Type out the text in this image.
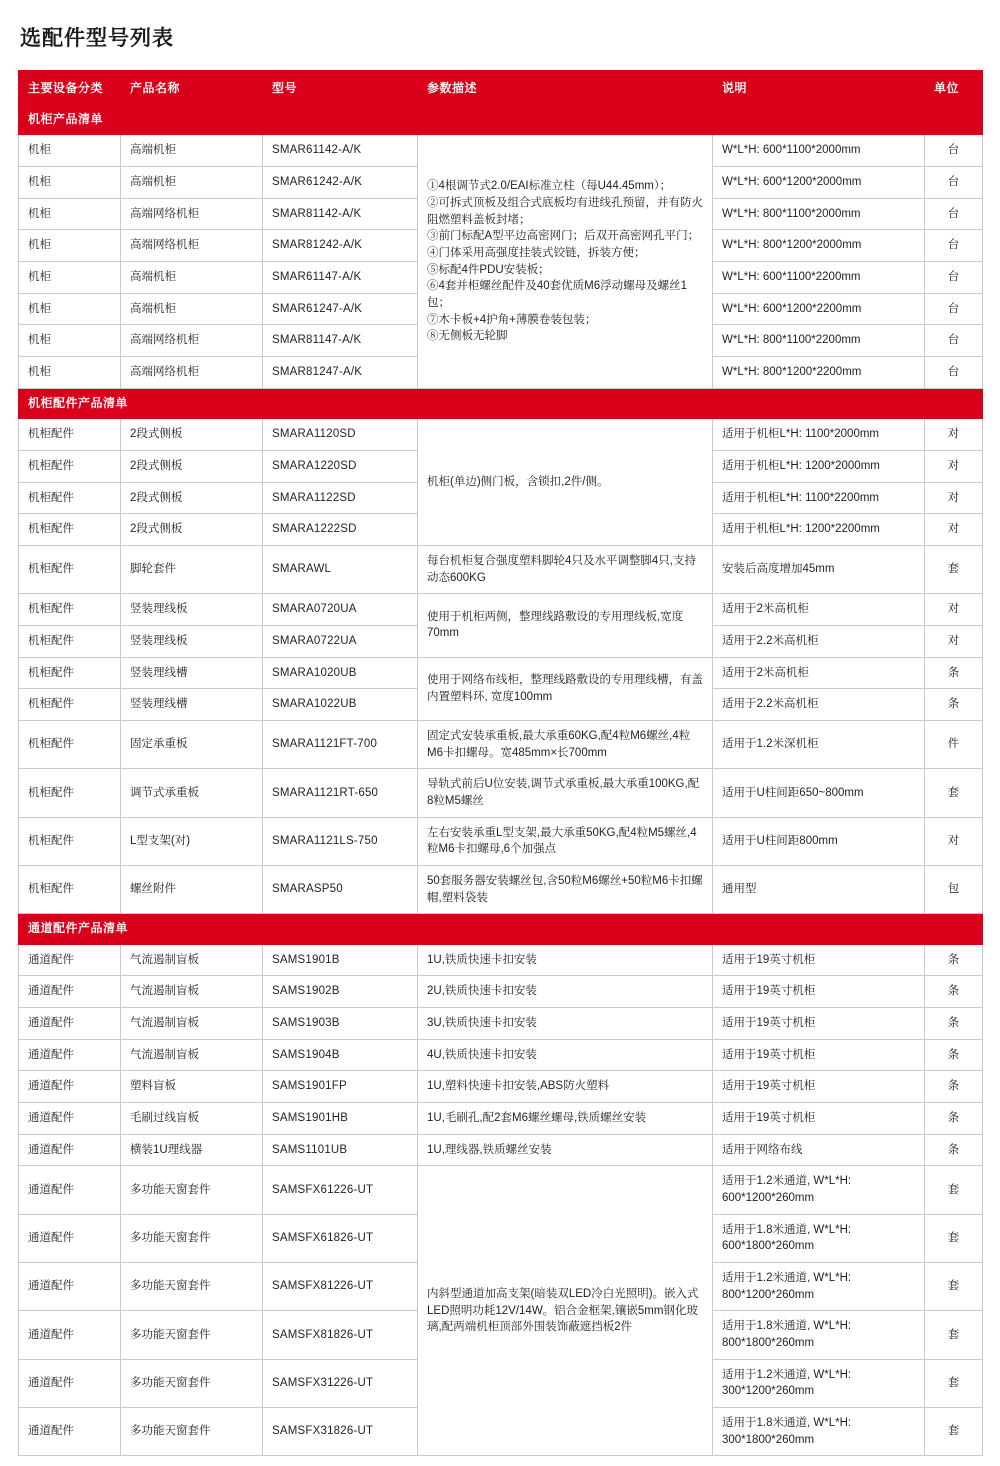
选配件型号列表
主要设备分类	产品名称	型号	参数描述	说明	单位
机柜产品清单					
机柜	高端机柜	SMAR61142-A/K	①4根调节式2.0/EAI标准立柱（每U44.45mm）；
②可拆式顶板及组合式底板均有进线孔预留，并有防火阻燃塑料盖板封堵；
③前门标配A型平边高密网门；后双开高密网孔平门；
④门体采用高强度挂装式铰链，拆装方便；
⑤标配4件PDU安装板；
⑥4套并柜螺丝配件及40套优质M6浮动螺母及螺丝1包；
⑦木卡板+4护角+薄膜卷装包装；
⑧无侧板无轮脚	W*L*H: 600*1100*2000mm	台
机柜	高端机柜	SMAR61242-A/K		W*L*H: 600*1200*2000mm	台
机柜	高端网络机柜	SMAR81142-A/K		W*L*H: 800*1100*2000mm	台
机柜	高端网络机柜	SMAR81242-A/K		W*L*H: 800*1200*2000mm	台
机柜	高端机柜	SMAR61147-A/K		W*L*H: 600*1100*2200mm	台
机柜	高端机柜	SMAR61247-A/K		W*L*H: 600*1200*2200mm	台
机柜	高端网络机柜	SMAR81147-A/K		W*L*H: 800*1100*2200mm	台
机柜	高端网络机柜	SMAR81247-A/K		W*L*H: 800*1200*2200mm	台
机柜配件产品清单					
机柜配件	2段式侧板	SMARA1120SD	机柜(单边)侧门板，含锁扣,2件/侧。	适用于机柜L*H: 1100*2000mm	对
机柜配件	2段式侧板	SMARA1220SD		适用于机柜L*H: 1200*2000mm	对
机柜配件	2段式侧板	SMARA1122SD		适用于机柜L*H: 1100*2200mm	对
机柜配件	2段式侧板	SMARA1222SD		适用于机柜L*H: 1200*2200mm	对
机柜配件	脚轮套件	SMARAWL	每台机柜复合强度塑料脚轮4只及水平调整脚4只,支持动态600KG	安装后高度增加45mm	套
机柜配件	竖装理线板	SMARA0720UA	使用于机柜两侧，整理线路敷设的专用理线板,宽度70mm	适用于2米高机柜	对
机柜配件	竖装理线板	SMARA0722UA		适用于2.2米高机柜	对
机柜配件	竖装理线槽	SMARA1020UB	使用于网络布线柜，整理线路敷设的专用理线槽，有盖内置塑料环, 宽度100mm	适用于2米高机柜	条
机柜配件	竖装理线槽	SMARA1022UB		适用于2.2米高机柜	条
机柜配件	固定承重板	SMARA1121FT-700	固定式安装承重板,最大承重60KG,配4粒M6螺丝,4粒M6卡扣螺母。宽485mm×长700mm	适用于1.2米深机柜	件
机柜配件	调节式承重板	SMARA1121RT-650	导轨式前后U位安装,调节式承重板,最大承重100KG,配8粒M5螺丝	适用于U柱间距650~800mm	套
机柜配件	L型支架(对)	SMARA1121LS-750	左右安装承重L型支架,最大承重50KG,配4粒M5螺丝,4粒M6卡扣螺母,6个加强点	适用于U柱间距800mm	对
机柜配件	螺丝附件	SMARASP50	50套服务器安装螺丝包,含50粒M6螺丝+50粒M6卡扣螺帽,塑料袋装	通用型	包
通道配件产品清单					
通道配件	气流遏制盲板	SAMS1901B	1U,铁质快速卡扣安装	适用于19英寸机柜	条
通道配件	气流遏制盲板	SAMS1902B	2U,铁质快速卡扣安装	适用于19英寸机柜	条
通道配件	气流遏制盲板	SAMS1903B	3U,铁质快速卡扣安装	适用于19英寸机柜	条
通道配件	气流遏制盲板	SAMS1904B	4U,铁质快速卡扣安装	适用于19英寸机柜	条
通道配件	塑料盲板	SAMS1901FP	1U,塑料快速卡扣安装,ABS防火塑料	适用于19英寸机柜	条
通道配件	毛刷过线盲板	SAMS1901HB	1U,毛刷孔,配2套M6螺丝螺母,铁质螺丝安装	适用于19英寸机柜	条
通道配件	横装1U理线器	SAMS1101UB	1U,理线器,铁质螺丝安装	适用于网络布线	条
通道配件	多功能天窗套件	SAMSFX61226-UT	内斜型通道加高支架(暗装双LED冷白光照明)。嵌入式LED照明功耗12V/14W。铝合金框架,镶嵌5mm钢化玻璃,配两端机柜顶部外围装饰蔽遮挡板2件	适用于1.2米通道, W*L*H: 600*1200*260mm	套
通道配件	多功能天窗套件	SAMSFX61826-UT		适用于1.8米通道, W*L*H: 600*1800*260mm	套
通道配件	多功能天窗套件	SAMSFX81226-UT		适用于1.2米通道, W*L*H: 800*1200*260mm	套
通道配件	多功能天窗套件	SAMSFX81826-UT		适用于1.8米通道, W*L*H: 800*1800*260mm	套
通道配件	多功能天窗套件	SAMSFX31226-UT		适用于1.2米通道, W*L*H: 300*1200*260mm	套
通道配件	多功能天窗套件	SAMSFX31826-UT		适用于1.8米通道, W*L*H: 300*1800*260mm	套
